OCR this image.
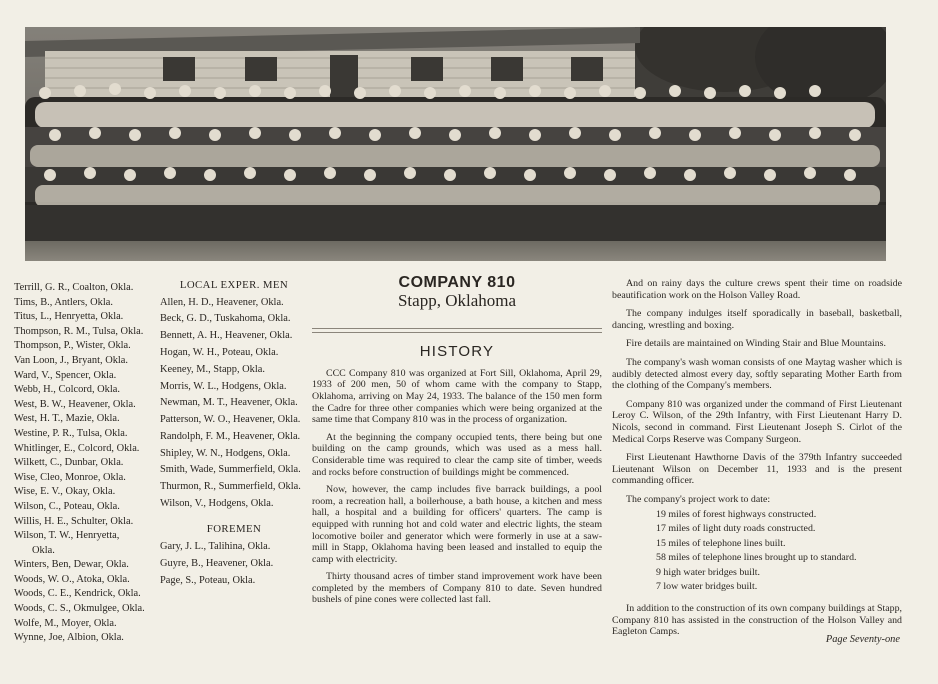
Terrill, G. R., Coalton, Okla.
Tims, B., Antlers, Okla.
Titus, L., Henryetta, Okla.
Thompson, R. M., Tulsa, Okla.
Thompson, P., Wister, Okla.
Van Loon, J., Bryant, Okla.
Ward, V., Spencer, Okla.
Webb, H., Colcord, Okla.
West, B. W., Heavener, Okla.
West, H. T., Mazie, Okla.
Westine, P. R., Tulsa, Okla.
Whitlinger, E., Colcord, Okla.
Wilkett, C., Dunbar, Okla.
Wise, Cleo, Monroe, Okla.
Wise, E. V., Okay, Okla.
Wilson, C., Poteau, Okla.
Willis, H. E., Schulter, Okla.
Wilson, T. W., Henryetta,
Okla.
Winters, Ben, Dewar, Okla.
Woods, W. O., Atoka, Okla.
Woods, C. E., Kendrick, Okla.
Woods, C. S., Okmulgee, Okla.
Wolfe, M., Moyer, Okla.
Wynne, Joe, Albion, Okla.
LOCAL EXPER. MEN
Allen, H. D., Heavener, Okla.
Beck, G. D., Tuskahoma, Okla.
Bennett, A. H., Heavener, Okla.
Hogan, W. H., Poteau, Okla.
Keeney, M., Stapp, Okla.
Morris, W. L., Hodgens, Okla.
Newman, M. T., Heavener, Okla.
Patterson, W. O., Heavener, Okla.
Randolph, F. M., Heavener, Okla.
Shipley, W. N., Hodgens, Okla.
Smith, Wade, Summerfield, Okla.
Thurmon, R., Summerfield, Okla.
Wilson, V., Hodgens, Okla.
FOREMEN
Gary, J. L., Talihina, Okla.
Guyre, B., Heavener, Okla.
Page, S., Poteau, Okla.
COMPANY 810
Stapp, Oklahoma
HISTORY

CCC Company 810 was organized at Fort Sill, Oklahoma, April 29, 1933 of 200 men, 50 of whom came with the company to Stapp, Oklahoma, arriving on May 24, 1933. The balance of the 150 men form the Cadre for three other companies which were being organized at the same time that Company 810 was in the process of organization.

At the beginning the company occupied tents, there being but one building on the camp grounds, which was used as a mess hall. Considerable time was required to clear the camp site of timber, weeds and rocks before construction of buildings might be commenced.

Now, however, the camp includes five barrack buildings, a pool room, a recreation hall, a boilerhouse, a bath house, a kitchen and mess hall, a hospital and a building for officers' quarters. The camp is equipped with running hot and cold water and electric lights, the steam locomotive boiler and generator which were formerly in use at a saw-mill in Stapp, Oklahoma having been leased and installed to equip the camp with electricity.

Thirty thousand acres of timber stand improvement work have been completed by the members of Company 810 to date. Seven hundred bushels of pine cones were collected last fall.

And on rainy days the culture crews spent their time on roadside beautification work on the Holson Valley Road.

The company indulges itself sporadically in baseball, basketball, dancing, wrestling and boxing.

Fire details are maintained on Winding Stair and Blue Mountains.

The company's wash woman consists of one Maytag washer which is audibly detected almost every day, softly separating Mother Earth from the clothing of the Company's members.

Company 810 was organized under the command of First Lieutenant Leroy C. Wilson, of the 29th Infantry, with First Lieutenant Harry D. Nicols, second in command. First Lieutenant Joseph S. Cirlot of the Medical Corps Reserve was Company Surgeon.

First Lieutenant Hawthorne Davis of the 379th Infantry succeeded Lieutenant Wilson on December 11, 1933 and is the present commanding officer.

The company's project work to date:

19 miles of forest highways constructed.
17 miles of light duty roads constructed.
15 miles of telephone lines built.
58 miles of telephone lines brought up to standard.
9 high water bridges built.
7 low water bridges built.

In addition to the construction of its own company buildings at Stapp, Company 810 has assisted in the construction of the Holson Valley and Eagleton Camps.

Page Seventy-one
